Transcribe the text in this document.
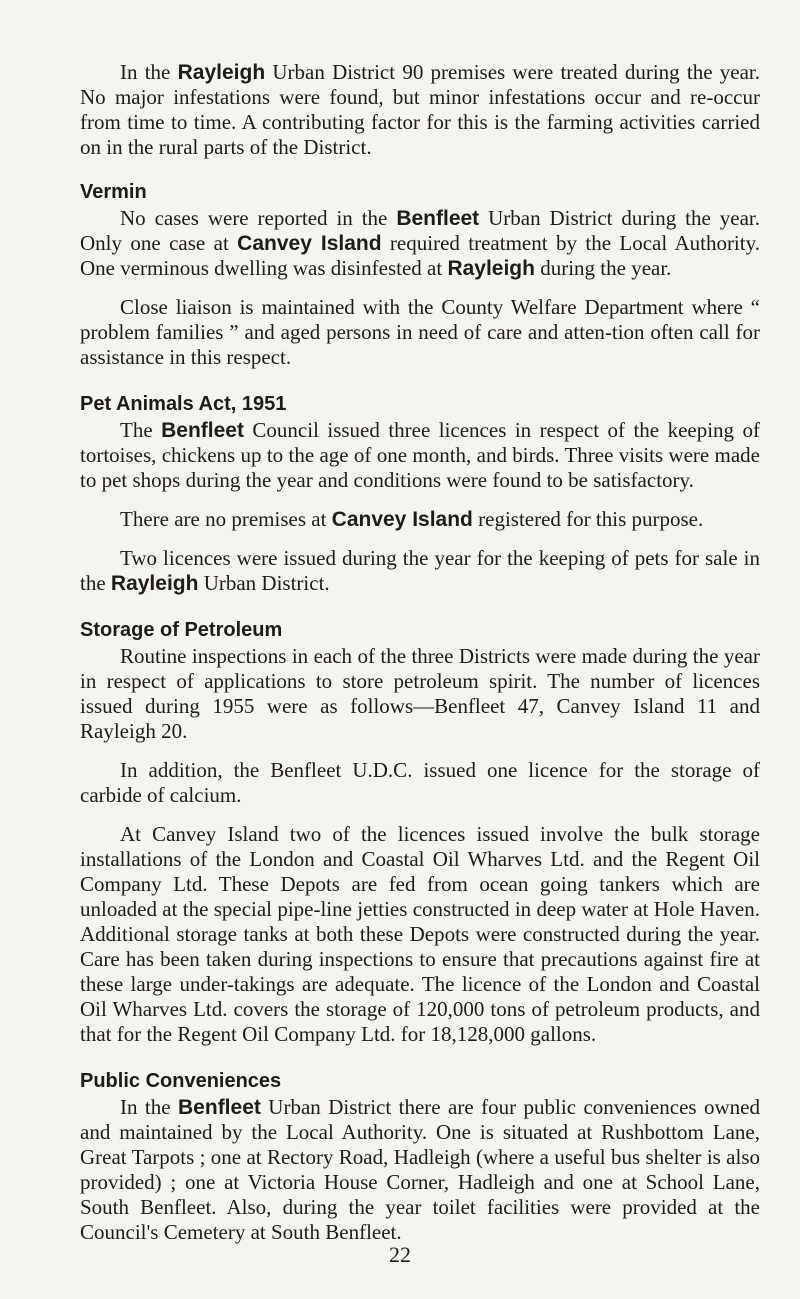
In the Rayleigh Urban District 90 premises were treated during the year. No major infestations were found, but minor infestations occur and re-occur from time to time. A contributing factor for this is the farming activities carried on in the rural parts of the District.

Vermin

No cases were reported in the Benfleet Urban District during the year. Only one case at Canvey Island required treatment by the Local Authority. One verminous dwelling was disinfested at Rayleigh during the year.

Close liaison is maintained with the County Welfare Department where “ problem families ” and aged persons in need of care and atten-tion often call for assistance in this respect.

Pet Animals Act, 1951

The Benfleet Council issued three licences in respect of the keeping of tortoises, chickens up to the age of one month, and birds. Three visits were made to pet shops during the year and conditions were found to be satisfactory.

There are no premises at Canvey Island registered for this purpose.

Two licences were issued during the year for the keeping of pets for sale in the Rayleigh Urban District.

Storage of Petroleum

Routine inspections in each of the three Districts were made during the year in respect of applications to store petroleum spirit. The number of licences issued during 1955 were as follows—Benfleet 47, Canvey Island 11 and Rayleigh 20.

In addition, the Benfleet U.D.C. issued one licence for the storage of carbide of calcium.

At Canvey Island two of the licences issued involve the bulk storage installations of the London and Coastal Oil Wharves Ltd. and the Regent Oil Company Ltd. These Depots are fed from ocean going tankers which are unloaded at the special pipe-line jetties constructed in deep water at Hole Haven. Additional storage tanks at both these Depots were constructed during the year. Care has been taken during inspections to ensure that precautions against fire at these large under-takings are adequate. The licence of the London and Coastal Oil Wharves Ltd. covers the storage of 120,000 tons of petroleum products, and that for the Regent Oil Company Ltd. for 18,128,000 gallons.

Public Conveniences

In the Benfleet Urban District there are four public conveniences owned and maintained by the Local Authority. One is situated at Rushbottom Lane, Great Tarpots ; one at Rectory Road, Hadleigh (where a useful bus shelter is also provided) ; one at Victoria House Corner, Hadleigh and one at School Lane, South Benfleet. Also, during the year toilet facilities were provided at the Council's Cemetery at South Benfleet.

22
